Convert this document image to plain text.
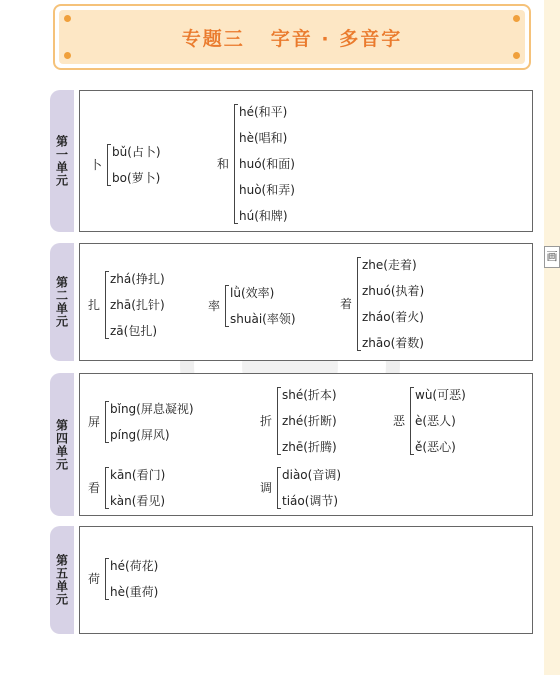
画
专题三 字音 · 多音字
第一单元 卜
bǔ(占卜)
bo(萝卜)
和
hé(和平)
hè(唱和)
huó(和面)
huò(和弄)
hú(和牌)
第二单元 扎
zhá(挣扎)
zhā(扎针)
zā(包扎)
率
lǜ(效率)
shuài(率领)
着
zhe(走着)
zhuó(执着)
zháo(着火)
zhāo(着数)
第四单元 屏
bǐng(屏息凝视)
píng(屏风)
折
shé(折本)
zhé(折断)
zhē(折腾)
恶
wù(可恶)
è(恶人)
ě(恶心)
看
kān(看门)
kàn(看见)
调
diào(音调)
tiáo(调节)
第五单元 荷
hé(荷花)
hè(重荷)
